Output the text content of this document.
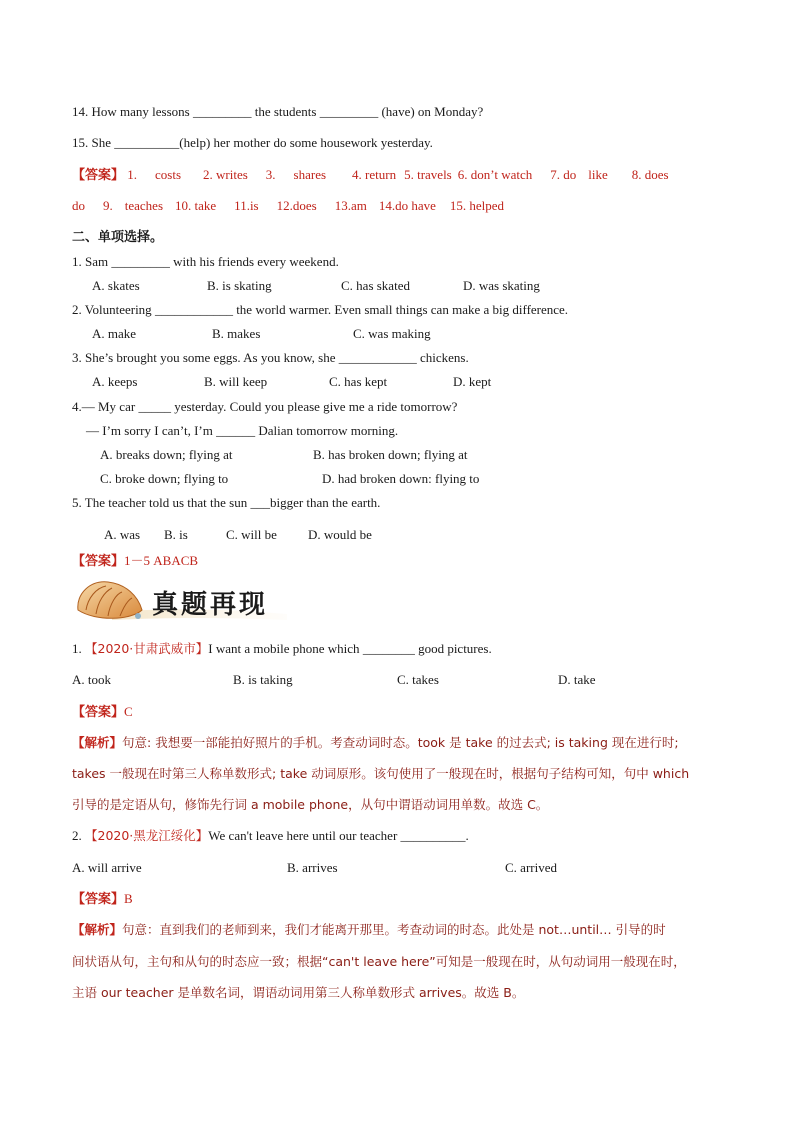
14. How many lessons _________ the students _________ (have) on Monday?
15. She __________(help) her mother do some housework yesterday.
【答案】 1. costs 2. writes 3. shares 4. return 5. travels 6. don’t watch 7. do like 8. does
do 9. teaches 10. take 11.is 12.does 13.am 14.do have 15. helped
二、单项选择。
1. Sam _________ with his friends every weekend.
A. skates	B. is skating	C. has skated	D. was skating
2. Volunteering ____________ the world warmer. Even small things can make a big difference.
A. make	B. makes	C. was making
3. She’s brought you some eggs. As you know, she ____________ chickens.
A. keeps	B. will keep	C. has kept	D. kept
4.— My car _____ yesterday. Could you please give me a ride tomorrow?
— I’m sorry I can’t, I’m ______ Dalian tomorrow morning.
A. breaks down; flying at	B. has broken down; flying at
C. broke down; flying to	D. had broken down: flying to
5. The teacher told us that the sun ___bigger than the earth.
A. was B. is	C. will be D. would be
【答案】1－5 ABACB
真题再现
1. 【2020·甘肃武威市】I want a mobile phone which ________ good pictures.
A. took	B. is taking	C. takes	D. take
【答案】C
【解析】句意: 我想要一部能拍好照片的手机。考查动词时态。took 是 take 的过去式; is taking 现在进行时;
takes 一般现在时第三人称单数形式; take 动词原形。该句使用了一般现在时，根据句子结构可知，句中 which
引导的是定语从句，修饰先行词 a mobile phone，从句中谓语动词用单数。故选 C。
2. 【2020·黑龙江绥化】We can't leave here until our teacher __________.
A. will arrive	B. arrives	C. arrived
【答案】B
【解析】句意：直到我们的老师到来，我们才能离开那里。考查动词的时态。此处是 not…until… 引导的时
间状语从句，主句和从句的时态应一致；根据“can't leave here”可知是一般现在时，从句动词用一般现在时，
主语 our teacher 是单数名词，谓语动词用第三人称单数形式 arrives。故选 B。
